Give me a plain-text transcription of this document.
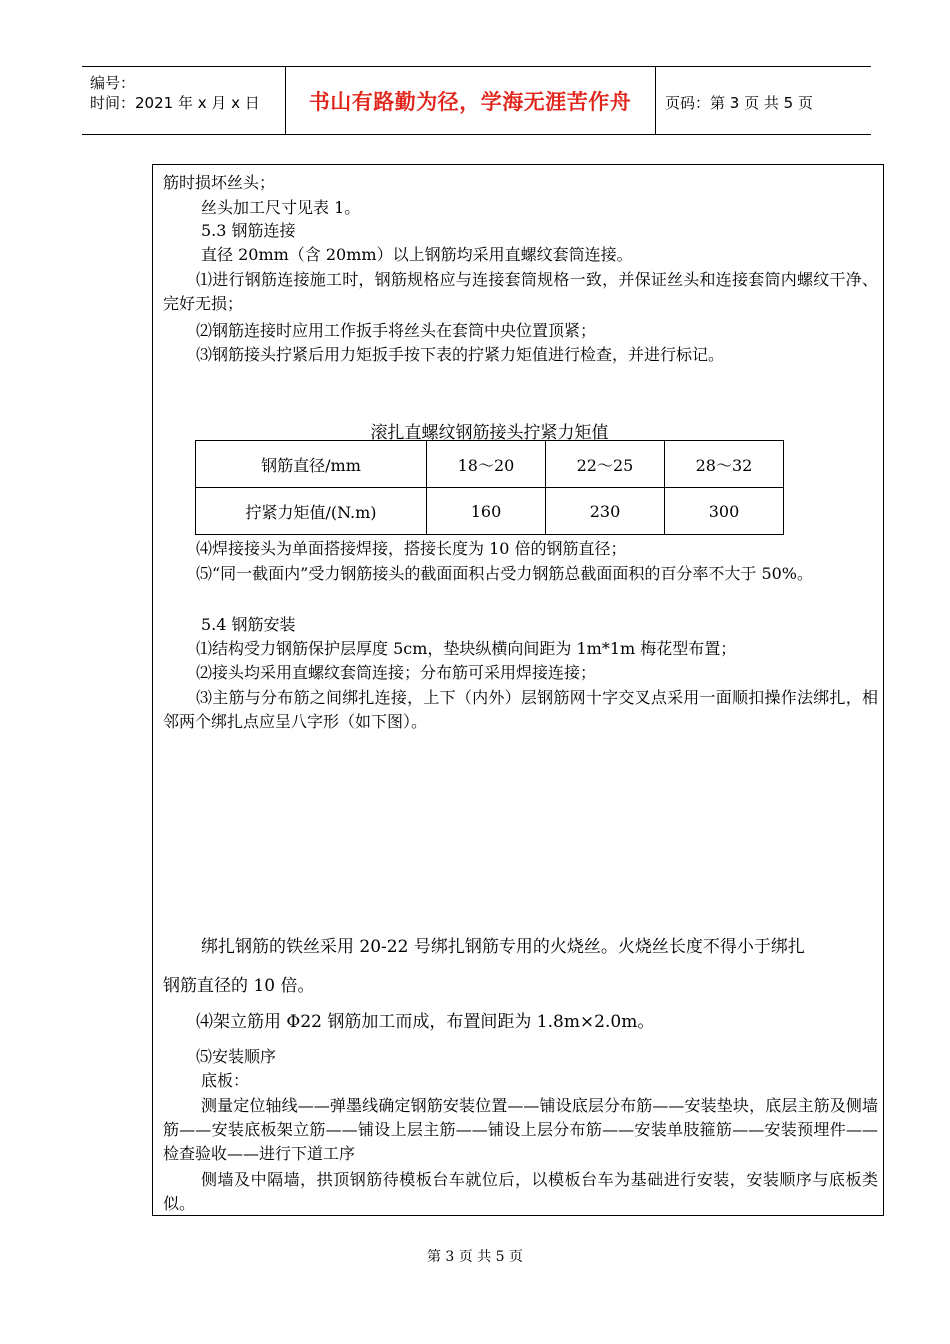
编号：
时间：2021 年 x 月 x 日	书山有路勤为径，学海无涯苦作舟	页码：第 3 页 共 5 页
筋时损坏丝头；
丝头加工尺寸见表 1。
5.3 钢筋连接
直径 20mm（含 20mm）以上钢筋均采用直螺纹套筒连接。
⑴进行钢筋连接施工时，钢筋规格应与连接套筒规格一致，并保证丝头和连接套筒内螺纹干净、完好无损；
⑵钢筋连接时应用工作扳手将丝头在套筒中央位置顶紧；
⑶钢筋接头拧紧后用力矩扳手按下表的拧紧力矩值进行检查，并进行标记。
滚扎直螺纹钢筋接头拧紧力矩值
钢筋直径/mm	18～20	22～25	28～32
拧紧力矩值/(N.m)	160	230	300
⑷焊接接头为单面搭接焊接，搭接长度为 10 倍的钢筋直径；
⑸“同一截面内”受力钢筋接头的截面面积占受力钢筋总截面面积的百分率不大于 50%。
5.4 钢筋安装
⑴结构受力钢筋保护层厚度 5cm，垫块纵横向间距为 1m*1m 梅花型布置；
⑵接头均采用直螺纹套筒连接；分布筋可采用焊接连接；
⑶主筋与分布筋之间绑扎连接，上下（内外）层钢筋网十字交叉点采用一面顺扣操作法绑扎，相邻两个绑扎点应呈八字形（如下图）。
绑扎钢筋的铁丝采用 20-22 号绑扎钢筋专用的火烧丝。火烧丝长度不得小于绑扎
钢筋直径的 10 倍。
⑷架立筋用 Φ22 钢筋加工而成，布置间距为 1.8m×2.0m。
⑸安装顺序
底板：
测量定位轴线——弹墨线确定钢筋安装位置——铺设底层分布筋——安装垫块，底层主筋及侧墙筋——安装底板架立筋——铺设上层主筋——铺设上层分布筋——安装单肢箍筋——安装预埋件——检查验收——进行下道工序
侧墙及中隔墙，拱顶钢筋待模板台车就位后，以模板台车为基础进行安装，安装顺序与底板类似。
第 3 页 共 5 页
